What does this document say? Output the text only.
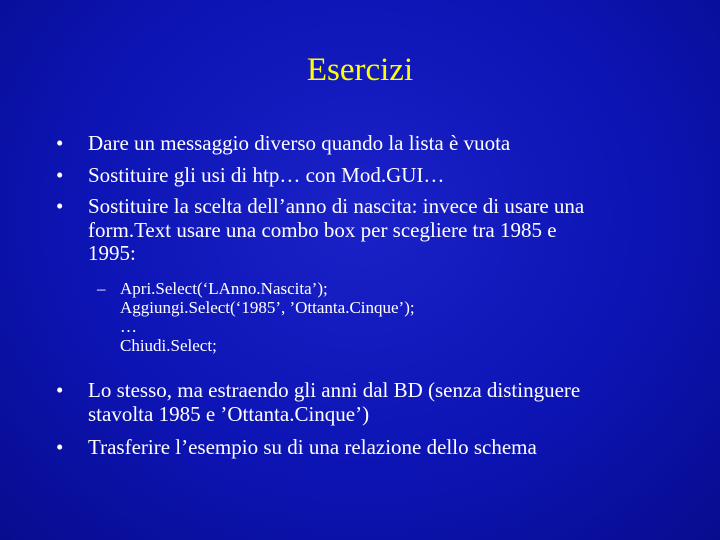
Esercizi
•	Dare un messaggio diverso quando la lista è vuota
•	Sostituire gli usi di htp… con Mod.GUI…
•	Sostituire la scelta dell’anno di nascita: invece di usare una
form.Text usare una combo box per scegliere tra 1985 e
1995:
– Apri.Select(‘LAnno.Nascita’);
Aggiungi.Select(‘1985’, ’Ottanta.Cinque’);
…
Chiudi.Select;
•	Lo stesso, ma estraendo gli anni dal BD (senza distinguere
stavolta 1985 e ’Ottanta.Cinque’)
•	Trasferire l’esempio su di una relazione dello schema
